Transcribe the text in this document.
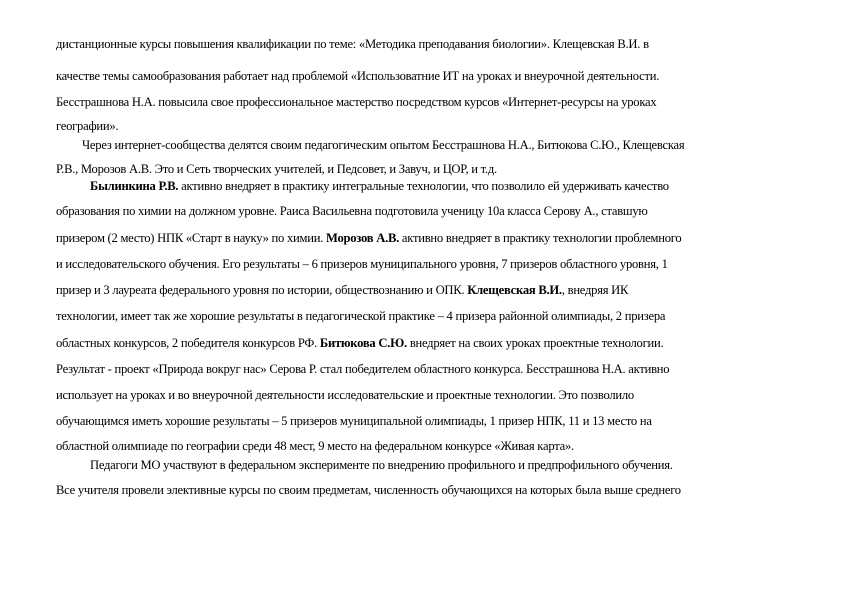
дистанционные курсы повышения квалификации по теме: «Методика преподавания биологии». Клещевская В.И. в
качестве темы самообразования работает над проблемой «Использоватние ИТ на уроках и внеурочной деятельности.
Бесстрашнова Н.А. повысила свое профессиональное мастерство посредством курсов «Интернет-ресурсы на уроках
географии».
Через интернет-сообщества делятся своим педагогическим опытом Бесстрашнова Н.А., Битюкова С.Ю., Клещевская
Р.В., Морозов А.В. Это и Сеть творческих учителей, и Педсовет, и Завуч, и ЦОР, и т.д.
Былинкина Р.В. активно внедряет в практику интегральные технологии, что позволило ей удерживать качество
образования по химии на должном уровне. Раиса Васильевна подготовила ученицу 10а класса Серову А., ставшую
призером (2 место) НПК «Старт в науку» по химии. Морозов А.В. активно внедряет в практику технологии проблемного
и исследовательского обучения. Его результаты – 6 призеров муниципального уровня, 7 призеров областного уровня, 1
призер и 3 лауреата федерального уровня по истории, обществознанию и ОПК. Клещевская В.И., внедряя ИК
технологии, имеет так же хорошие результаты в педагогической практике – 4 призера районной олимпиады, 2 призера
областных конкурсов, 2 победителя конкурсов РФ. Битюкова С.Ю. внедряет на своих уроках проектные технологии.
Результат - проект «Природа вокруг нас» Серова Р. стал победителем областного конкурса. Бесстрашнова Н.А. активно
использует на уроках и во внеурочной деятельности исследовательские и проектные технологии. Это позволило
обучающимся иметь хорошие результаты – 5 призеров муниципальной олимпиады, 1 призер НПК, 11 и 13 место на
областной олимпиаде по географии среди 48 мест, 9 место на федеральном конкурсе «Живая карта».
Педагоги МО участвуют в федеральном эксперименте по внедрению профильного и предпрофильного обучения.
Все учителя провели элективные курсы по своим предметам, численность обучающихся на которых была выше среднего
